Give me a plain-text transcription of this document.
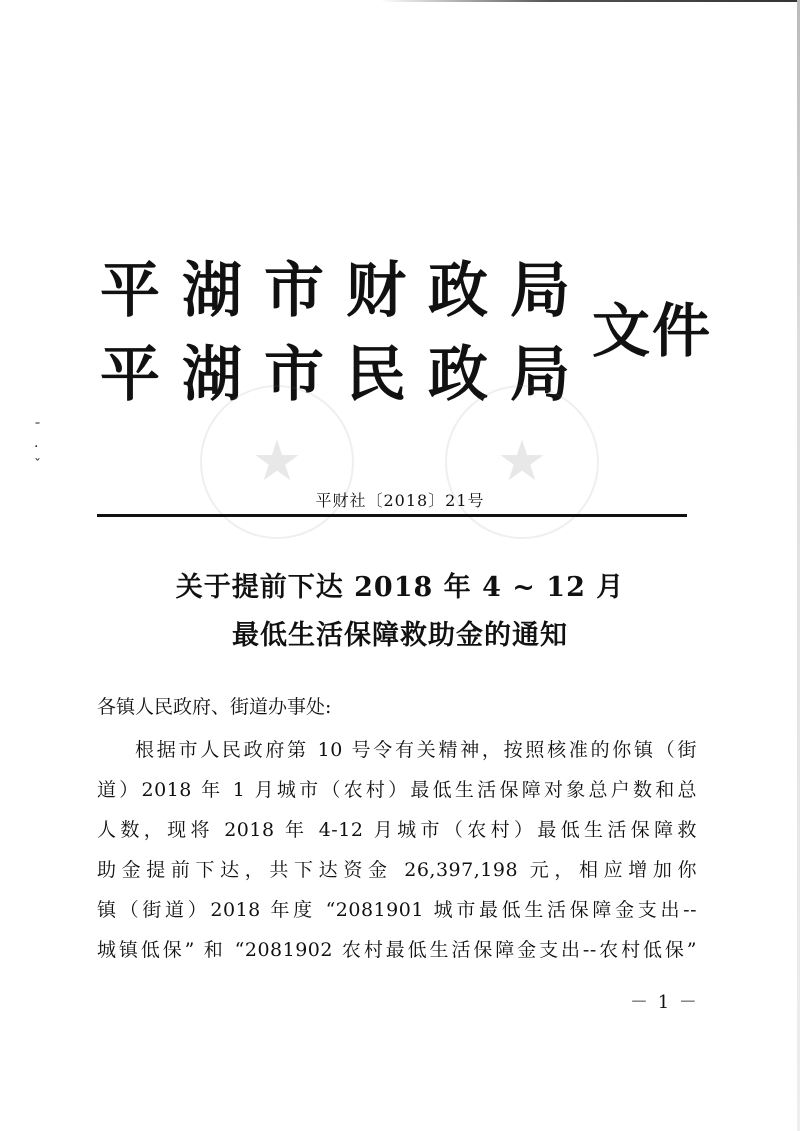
ˉ
·
ˇ
平湖市财政局
平湖市民政局
文件
★	★
平财社〔2018〕21号
关于提前下达 2018 年 4 ~ 12 月
最低生活保障救助金的通知
各镇人民政府、街道办事处:
根据市人民政府第 10 号令有关精神，按照核准的你镇（街
道）2018 年 1 月城市（农村）最低生活保障对象总户数和总
人数，现将 2018 年 4-12 月城市（农村）最低生活保障救
助金提前下达，共下达资金 26,397,198 元，相应增加你
镇（街道）2018 年度 “2081901 城市最低生活保障金支出--
城镇低保” 和 “2081902 农村最低生活保障金支出--农村低保”
－ 1 －
